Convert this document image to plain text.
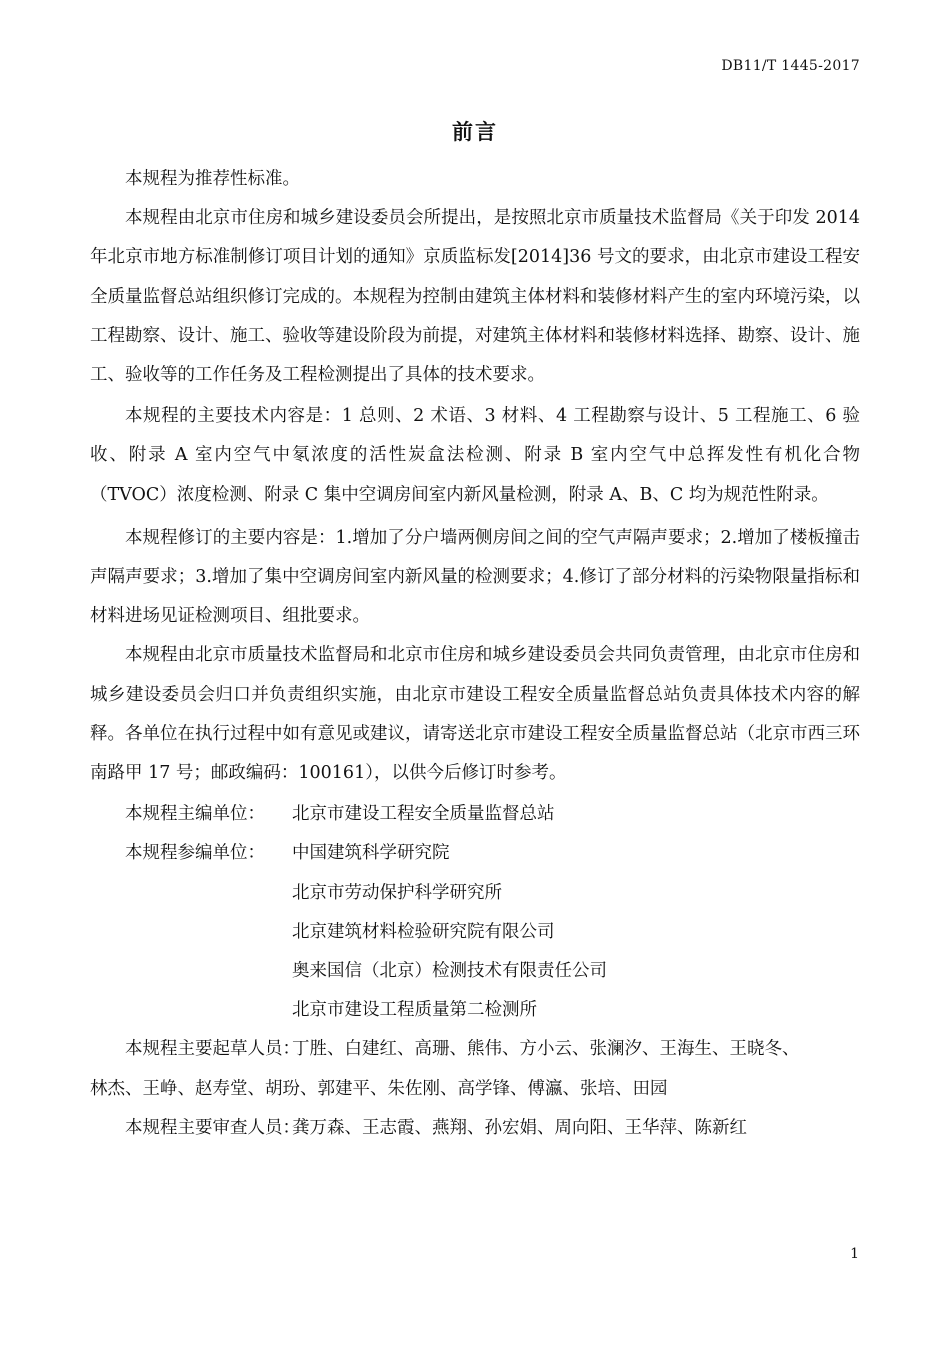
DB11/T 1445-2017
前言

本规程为推荐性标准。

本规程由北京市住房和城乡建设委员会所提出，是按照北京市质量技术监督局《关于印发 2014 年北京市地方标准制修订项目计划的通知》京质监标发[2014]36 号文的要求，由北京市建设工程安全质量监督总站组织修订完成的。本规程为控制由建筑主体材料和装修材料产生的室内环境污染，以工程勘察、设计、施工、验收等建设阶段为前提，对建筑主体材料和装修材料选择、勘察、设计、施工、验收等的工作任务及工程检测提出了具体的技术要求。

本规程的主要技术内容是：1 总则、2 术语、3 材料、4 工程勘察与设计、5 工程施工、6 验收、附录 A 室内空气中氡浓度的活性炭盒法检测、附录 B 室内空气中总挥发性有机化合物（TVOC）浓度检测、附录 C 集中空调房间室内新风量检测，附录 A、B、C 均为规范性附录。

本规程修订的主要内容是：1.增加了分户墙两侧房间之间的空气声隔声要求；2.增加了楼板撞击声隔声要求；3.增加了集中空调房间室内新风量的检测要求；4.修订了部分材料的污染物限量指标和材料进场见证检测项目、组批要求。

本规程由北京市质量技术监督局和北京市住房和城乡建设委员会共同负责管理，由北京市住房和城乡建设委员会归口并负责组织实施，由北京市建设工程安全质量监督总站负责具体技术内容的解释。各单位在执行过程中如有意见或建议，请寄送北京市建设工程安全质量监督总站（北京市西三环南路甲 17 号；邮政编码：100161），以供今后修订时参考。

本规程主编单位：	北京市建设工程安全质量监督总站
本规程参编单位：	中国建筑科学研究院
北京市劳动保护科学研究所
北京建筑材料检验研究院有限公司
奥来国信（北京）检测技术有限责任公司
北京市建设工程质量第二检测所
本规程主要起草人员：
丁胜、白建红、高珊、熊伟、方小云、张澜汐、王海生、王晓冬、
林杰、王峥、赵寿堂、胡玢、郭建平、朱佐刚、高学锋、傅瀛、张培、田园
本规程主要审查人员：
龚万森、王志霞、燕翔、孙宏娟、周向阳、王华萍、陈新红
1
